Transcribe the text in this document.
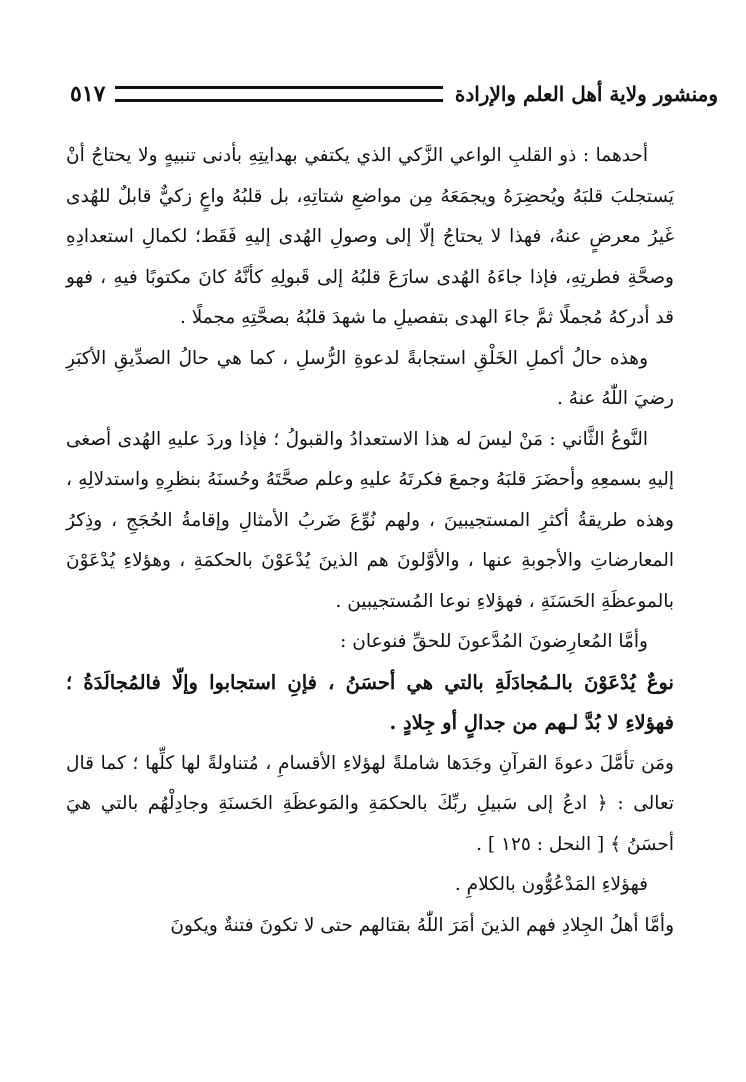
ومنشور ولاية أهل العلم والإرادة
٥١٧

أحدهما : ذو القلبِ الواعي الزَّكي الذي يكتفي بهدايتِهِ بأدنى تنبيهٍ ولا يحتاجُ أنْ يَستجلبَ قلبَهُ ويُحضِرَهُ ويجمَعَهُ مِن مواضعِ شتاتِهِ، بل قلبُهُ واعٍ زكيٌّ قابلٌ للهُدى غَيرُ معرضٍ عنهُ، فهذا لا يحتاجُ إلّا إلى وصولِ الهُدى إليهِ فَقَط؛ لكمالِ استعدادِهِ وصحَّةِ فطرتِهِ، فإذا جاءَهُ الهُدى سارَعَ قلبُهُ إلى قَبولِهِ كأنَّهُ كانَ مكتوبًا فيهِ ، فهو قد أدركهُ مُجملًا ثمَّ جاءَ الهدى بتفصيلِ ما شهدَ قلبُهُ بصحَّتِهِ مجملًا .

وهذه حالُ أكملِ الخَلْقِ استجابةً لدعوةِ الرُّسلِ ، كما هي حالُ الصدِّيقِ الأكبَرِ رضيَ اللّٰهُ عنهُ .

النَّوعُ الثَّاني : مَنْ ليسَ له هذا الاستعدادُ والقبولُ ؛ فإذا وردَ عليهِ الهُدى أصغى إليهِ بسمعِهِ وأحضَرَ قلبَهُ وجمعَ فكرتَهُ عليهِ وعلم صحَّتَهُ وحُسنَهُ بنظرِهِ واستدلالِهِ ، وهذه طريقةُ أكثرِ المستجيبينَ ، ولهم نُوِّعَ ضَربُ الأمثالِ وإقامةُ الحُجَجِ ، وذِكرُ المعارضاتِ والأجوبةِ عنها ، والأوَّلونَ هم الذينَ يُدْعَوْنَ بالحكمَةِ ، وهؤلاءِ يُدْعَوْنَ بالموعظَةِ الحَسَنَةِ ، فهؤلاءِ نوعا المُستجيبين .

وأمَّا المُعارِضونَ المُدَّعونَ للحقِّ فنوعان :

نوعٌ يُدْعَوْنَ بالـمُجادَلَةِ بالتي هي أحسَنُ ، فإنِ استجابوا وإلّا فالمُجالَدَةُ ؛ فهؤلاءِ لا بُدَّ لـهم من جدالٍ أو جِلادٍ .

ومَن تأمَّلَ دعوةَ القرآنِ وجَدَها شاملةً لهؤلاءِ الأقسامِ ، مُتناولةً لها كلِّها ؛ كما قال تعالى : ﴿ ادعُ إلى سَبيلِ ربِّكَ بالحكمَةِ والمَوعظَةِ الحَسنَةِ وجادِلْهُم بالتي هيَ أحسَنُ ﴾ [ النحل : ١٢٥ ] .

فهؤلاءِ المَدْعُوُّون بالكلامِ .

وأمَّا أهلُ الجِلادِ فهم الذينَ أمَرَ اللّٰهُ بقتالهم حتى لا تكونَ فتنةٌ ويكونَ
